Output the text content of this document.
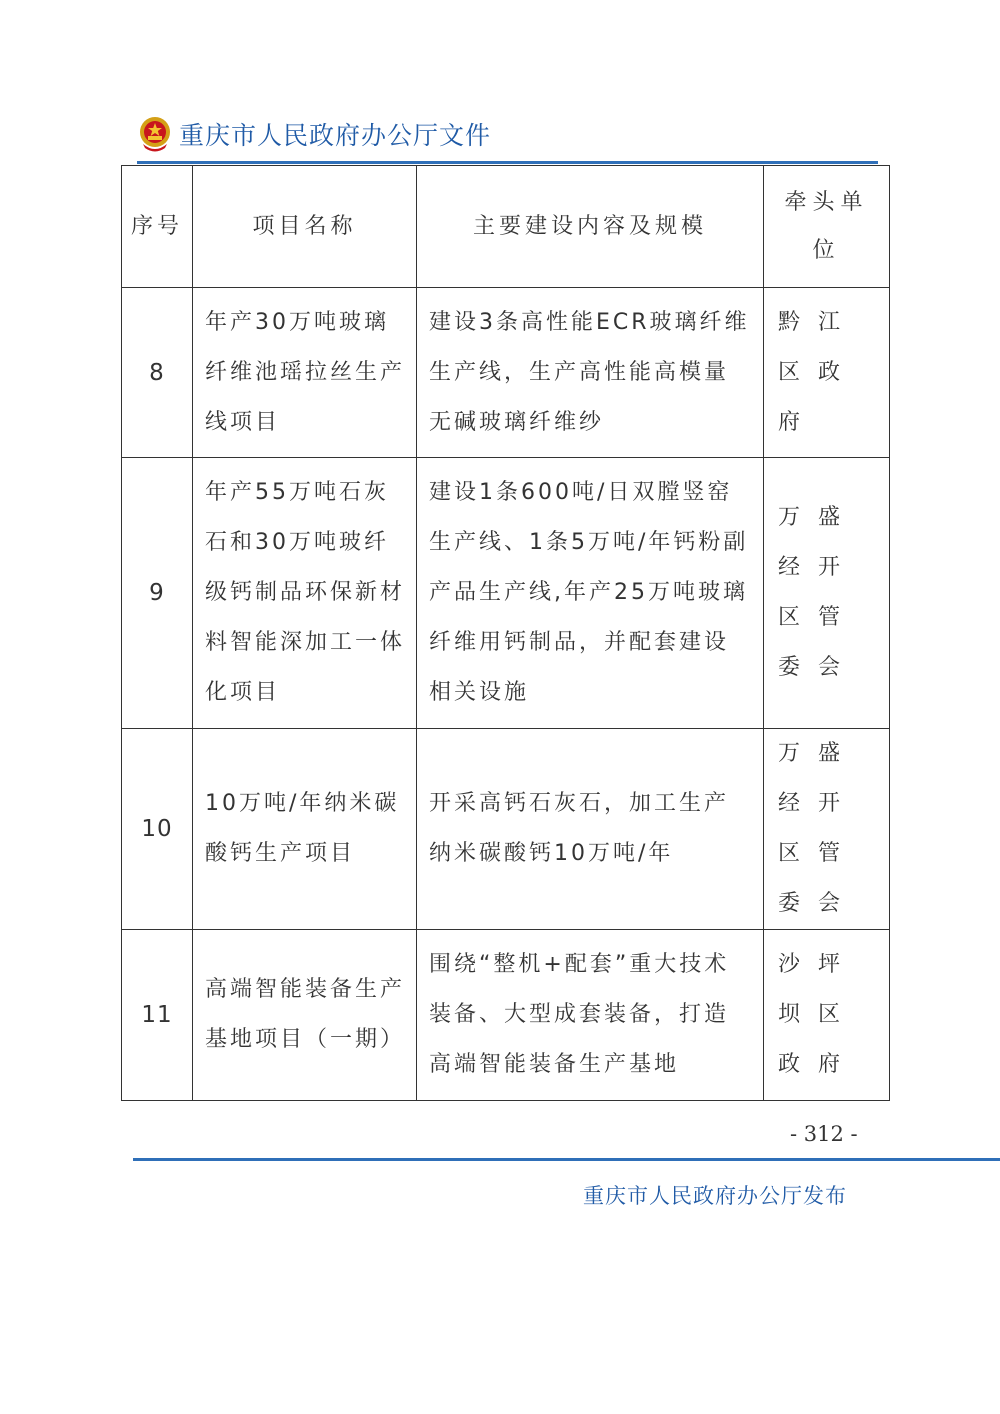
重庆市人民政府办公厅文件
序号	项目名称	主要建设内容及规模	牵头单位

8	年产30万吨玻璃纤维池瑶拉丝生产线项目	建设3条高性能ECR玻璃纤维生产线，生产高性能高模量无碱玻璃纤维纱	黔江区政府

9	年产55万吨石灰石和30万吨玻纤级钙制品环保新材料智能深加工一体化项目	建设1条600吨/日双膛竖窑生产线、1条5万吨/年钙粉副产品生产线,年产25万吨玻璃纤维用钙制品，并配套建设相关设施	万盛经开区管委会

10	10万吨/年纳米碳酸钙生产项目	开采高钙石灰石，加工生产纳米碳酸钙10万吨/年	万盛经开区管委会

11	高端智能装备生产基地项目（一期）	围绕“整机+配套”重大技术装备、大型成套装备，打造高端智能装备生产基地	沙坪坝区政府
- 312 -
重庆市人民政府办公厅发布
